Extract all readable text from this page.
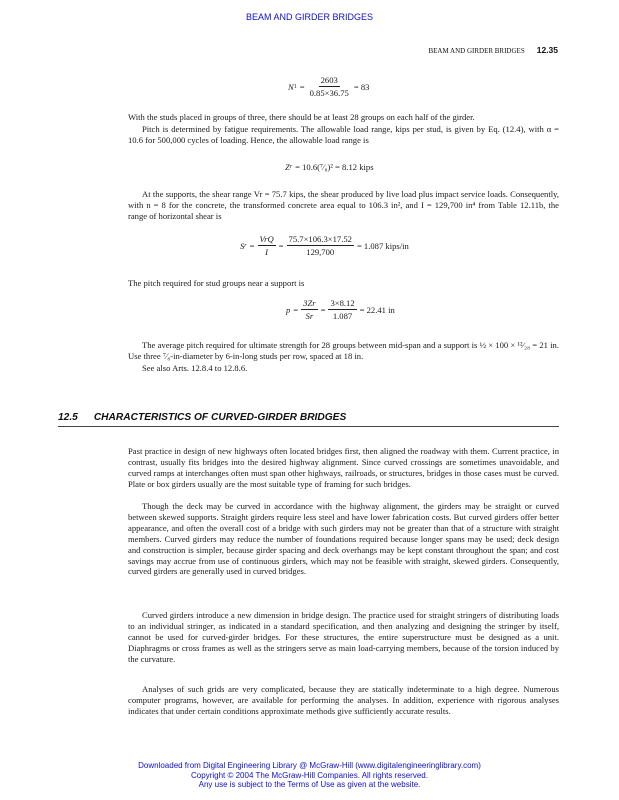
BEAM AND GIRDER BRIDGES
BEAM AND GIRDER BRIDGES 12.35
N $1 = \frac{2603}{0.85\times 36.75} = 83$

With the studs placed in groups of three, there should be at least 28 groups on each half of the girder.

Pitch is determined by fatigue requirements. The allowable load range, kips per stud, is given by Eq. (12.4), with α = 10.6 for 500,000 cycles of loading. Hence, the allowable load range is

Z r = 10.6(⁷⁄₈)² = 8.12 kips

At the supports, the shear range Vr = 75.7 kips, the shear produced by live load plus impact service loads. Consequently, with n = 8 for the concrete, the transformed concrete area equal to 106.3 in², and I = 129,700 in⁴ from Table 12.11b, the range of horizontal shear is

S $r = \frac{\text{VrQ}}{I} = \frac{75.7\times 106.3\times 17.52}{129,700} = 1.087$ kips/in

The pitch required for stud groups near a support is

$p = \frac{3Zr}{Sr} = \frac{3\times 8.12}{1.087} = 22.41$ in

The average pitch required for ultimate strength for 28 groups between mid-span and a support is ½ × 100 × ¹²⁄₂₈ = 21 in. Use three ⁷⁄₈-in-diameter by 6-in-long studs per row, spaced at 18 in.

See also Arts. 12.8.4 to 12.8.6.

12.5 CHARACTERISTICS OF CURVED-GIRDER BRIDGES

Past practice in design of new highways often located bridges first, then aligned the roadway with them. Current practice, in contrast, usually fits bridges into the desired highway alignment. Since curved crossings are sometimes unavoidable, and curved ramps at interchanges often must span other highways, railroads, or structures, bridges in those cases must be curved. Plate or box girders usually are the most suitable type of framing for such bridges.

Though the deck may be curved in accordance with the highway alignment, the girders may be straight or curved between skewed supports. Straight girders require less steel and have lower fabrication costs. But curved girders offer better appearance, and often the overall cost of a bridge with such girders may not be greater than that of a structure with straight members. Curved girders may reduce the number of foundations required because longer spans may be used; deck design and construction is simpler, because girder spacing and deck overhangs may be kept constant throughout the span; and cost savings may accrue from use of continuous girders, which may not be feasible with straight, skewed girders. Consequently, curved girders are generally used in curved bridges.

Curved girders introduce a new dimension in bridge design. The practice used for straight stringers of distributing loads to an individual stringer, as indicated in a standard specification, and then analyzing and designing the stringer by itself, cannot be used for curved-girder bridges. For these structures, the entire superstructure must be designed as a unit. Diaphragms or cross frames as well as the stringers serve as main load-carrying members, because of the torsion induced by the curvature.

Analyses of such grids are very complicated, because they are statically indeterminate to a high degree. Numerous computer programs, however, are available for performing the analyses. In addition, experience with rigorous analyses indicates that under certain conditions approximate methods give sufficiently accurate results.

Downloaded from Digital Engineering Library @ McGraw-Hill (www.digitalengineeringlibrary.com)
Copyright © 2004 The McGraw-Hill Companies. All rights reserved.
Any use is subject to the Terms of Use as given at the website.
